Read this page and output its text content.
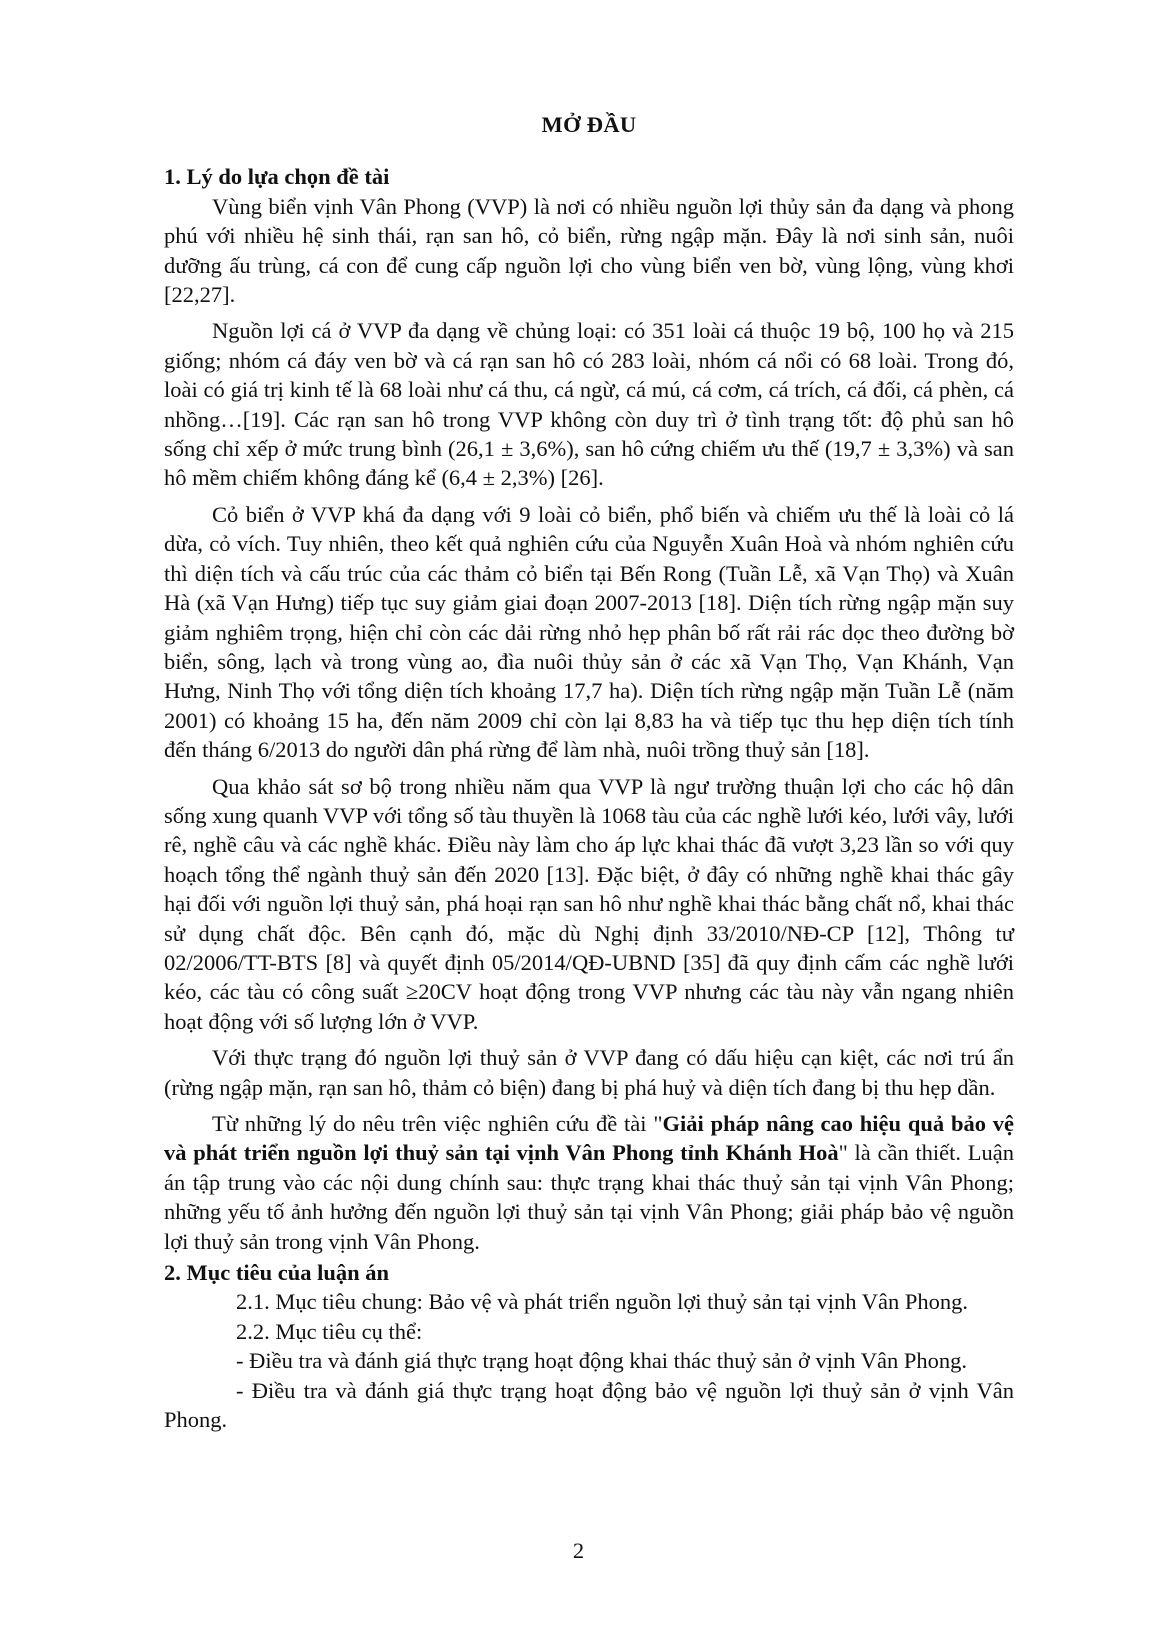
MỞ ĐẦU

1. Lý do lựa chọn đề tài

Vùng biển vịnh Vân Phong (VVP) là nơi có nhiều nguồn lợi thủy sản đa dạng và phong phú với nhiều hệ sinh thái, rạn san hô, cỏ biển, rừng ngập mặn. Đây là nơi sinh sản, nuôi dưỡng ấu trùng, cá con để cung cấp nguồn lợi cho vùng biển ven bờ, vùng lộng, vùng khơi [22,27].

Nguồn lợi cá ở VVP đa dạng về chủng loại: có 351 loài cá thuộc 19 bộ, 100 họ và 215 giống; nhóm cá đáy ven bờ và cá rạn san hô có 283 loài, nhóm cá nổi có 68 loài. Trong đó, loài có giá trị kinh tế là 68 loài như cá thu, cá ngừ, cá mú, cá cơm, cá trích, cá đối, cá phèn, cá nhồng…[19]. Các rạn san hô trong VVP không còn duy trì ở tình trạng tốt: độ phủ san hô sống chỉ xếp ở mức trung bình (26,1 ± 3,6%), san hô cứng chiếm ưu thế (19,7 ± 3,3%) và san hô mềm chiếm không đáng kể (6,4 ± 2,3%) [26].

Cỏ biển ở VVP khá đa dạng với 9 loài cỏ biển, phổ biến và chiếm ưu thế là loài cỏ lá dừa, cỏ vích. Tuy nhiên, theo kết quả nghiên cứu của Nguyễn Xuân Hoà và nhóm nghiên cứu thì diện tích và cấu trúc của các thảm cỏ biển tại Bến Rong (Tuần Lễ, xã Vạn Thọ) và Xuân Hà (xã Vạn Hưng) tiếp tục suy giảm giai đoạn 2007-2013 [18]. Diện tích rừng ngập mặn suy giảm nghiêm trọng, hiện chỉ còn các dải rừng nhỏ hẹp phân bố rất rải rác dọc theo đường bờ biển, sông, lạch và trong vùng ao, đìa nuôi thủy sản ở các xã Vạn Thọ, Vạn Khánh, Vạn Hưng, Ninh Thọ với tổng diện tích khoảng 17,7 ha). Diện tích rừng ngập mặn Tuần Lễ (năm 2001) có khoảng 15 ha, đến năm 2009 chỉ còn lại 8,83 ha và tiếp tục thu hẹp diện tích tính đến tháng 6/2013 do người dân phá rừng để làm nhà, nuôi trồng thuỷ sản [18].

Qua khảo sát sơ bộ trong nhiều năm qua VVP là ngư trường thuận lợi cho các hộ dân sống xung quanh VVP với tổng số tàu thuyền là 1068 tàu của các nghề lưới kéo, lưới vây, lưới rê, nghề câu và các nghề khác. Điều này làm cho áp lực khai thác đã vượt 3,23 lần so với quy hoạch tổng thể ngành thuỷ sản đến 2020 [13]. Đặc biệt, ở đây có những nghề khai thác gây hại đối với nguồn lợi thuỷ sản, phá hoại rạn san hô như nghề khai thác bằng chất nổ, khai thác sử dụng chất độc. Bên cạnh đó, mặc dù Nghị định 33/2010/NĐ-CP [12], Thông tư 02/2006/TT-BTS [8] và quyết định 05/2014/QĐ-UBND [35] đã quy định cấm các nghề lưới kéo, các tàu có công suất ≥20CV hoạt động trong VVP nhưng các tàu này vẫn ngang nhiên hoạt động với số lượng lớn ở VVP.

Với thực trạng đó nguồn lợi thuỷ sản ở VVP đang có dấu hiệu cạn kiệt, các nơi trú ẩn (rừng ngập mặn, rạn san hô, thảm cỏ biện) đang bị phá huỷ và diện tích đang bị thu hẹp dần.

Từ những lý do nêu trên việc nghiên cứu đề tài "Giải pháp nâng cao hiệu quả bảo vệ và phát triển nguồn lợi thuỷ sản tại vịnh Vân Phong tỉnh Khánh Hoà" là cần thiết. Luận án tập trung vào các nội dung chính sau: thực trạng khai thác thuỷ sản tại vịnh Vân Phong; những yếu tố ảnh hưởng đến nguồn lợi thuỷ sản tại vịnh Vân Phong; giải pháp bảo vệ nguồn lợi thuỷ sản trong vịnh Vân Phong.

2. Mục tiêu của luận án

2.1. Mục tiêu chung: Bảo vệ và phát triển nguồn lợi thuỷ sản tại vịnh Vân Phong.

2.2. Mục tiêu cụ thể:

- Điều tra và đánh giá thực trạng hoạt động khai thác thuỷ sản ở vịnh Vân Phong.

- Điều tra và đánh giá thực trạng hoạt động bảo vệ nguồn lợi thuỷ sản ở vịnh Vân Phong.

2
